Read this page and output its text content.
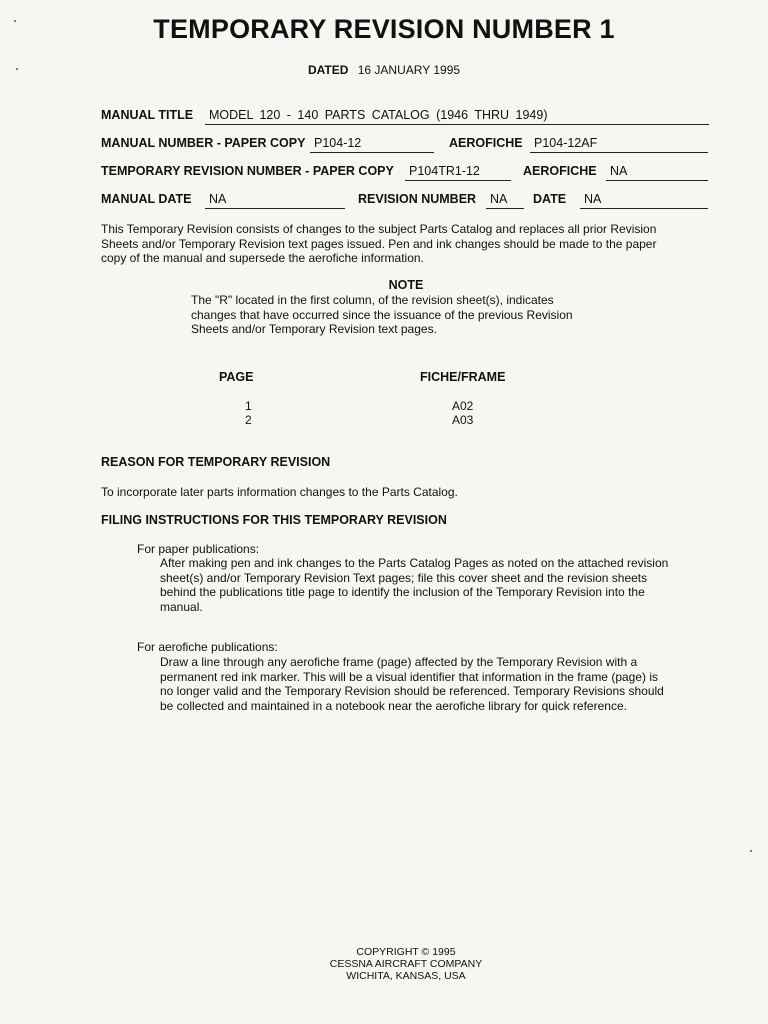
TEMPORARY REVISION NUMBER 1
DATED 16 JANUARY 1995
MANUAL TITLE	MODEL 120 - 140 PARTS CATALOG (1946 THRU 1949)
MANUAL NUMBER - PAPER COPY P104-12	AEROFICHE P104-12AF
TEMPORARY REVISION NUMBER - PAPER COPY	P104TR1-12	AEROFICHE	NA
MANUAL DATE	NA	REVISION NUMBER	NA	DATE	NA
This Temporary Revision consists of changes to the subject Parts Catalog and replaces all prior Revision
Sheets and/or Temporary Revision text pages issued. Pen and ink changes should be made to the paper
copy of the manual and supersede the aerofiche information.
NOTE
The "R" located in the first column, of the revision sheet(s), indicates
changes that have occurred since the issuance of the previous Revision
Sheets and/or Temporary Revision text pages.
PAGE	FICHE/FRAME
1	A02
2	A03
REASON FOR TEMPORARY REVISION
To incorporate later parts information changes to the Parts Catalog.
FILING INSTRUCTIONS FOR THIS TEMPORARY REVISION
For paper publications:
After making pen and ink changes to the Parts Catalog Pages as noted on the attached revision
sheet(s) and/or Temporary Revision Text pages; file this cover sheet and the revision sheets
behind the publications title page to identify the inclusion of the Temporary Revision into the
manual.
For aerofiche publications:
Draw a line through any aerofiche frame (page) affected by the Temporary Revision with a
permanent red ink marker. This will be a visual identifier that information in the frame (page) is
no longer valid and the Temporary Revision should be referenced. Temporary Revisions should
be collected and maintained in a notebook near the aerofiche library for quick reference.
COPYRIGHT © 1995
CESSNA AIRCRAFT COMPANY
WICHITA, KANSAS, USA
